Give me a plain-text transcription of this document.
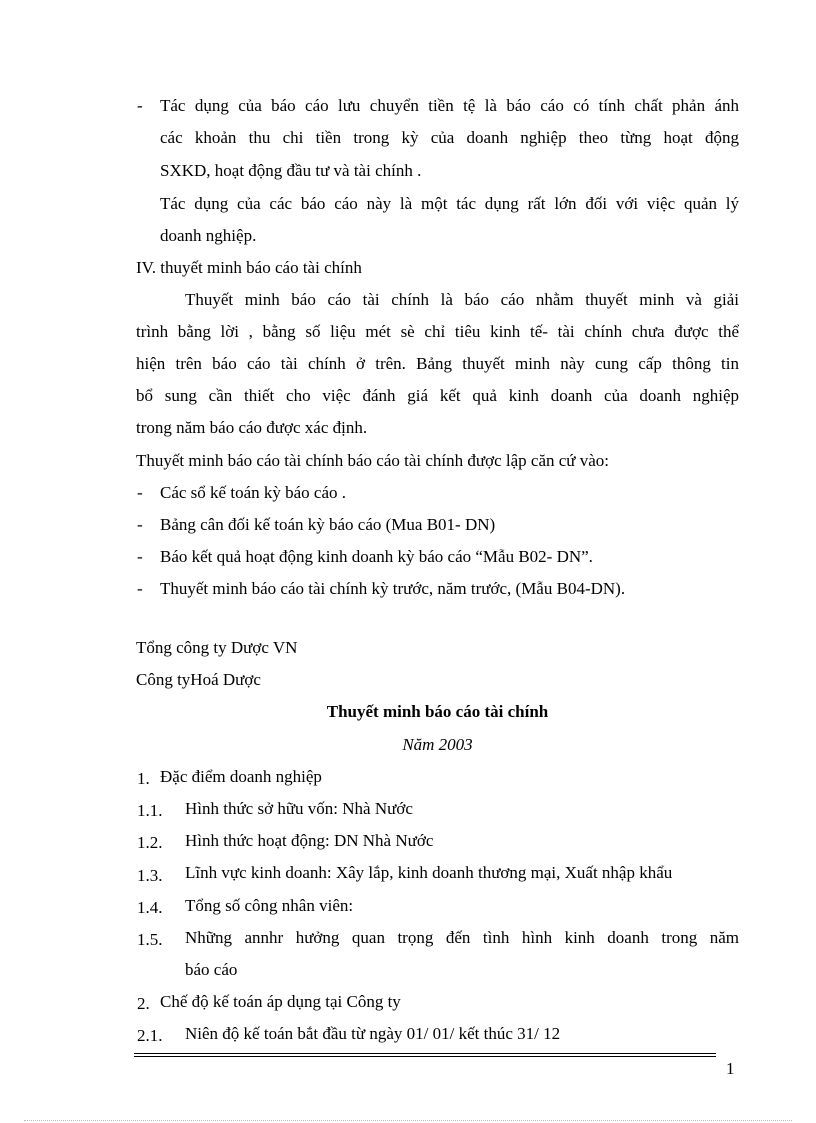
- Tác dụng của báo cáo lưu chuyển tiền tệ là báo cáo có tính chất phản ánh
các khoản thu chi tiền trong kỳ của doanh nghiệp theo từng hoạt động
SXKD, hoạt động đầu tư và tài chính .
Tác dụng của các báo cáo này là một tác dụng rất lớn đối với việc quản lý
doanh nghiệp.
IV. thuyết minh báo cáo tài chính
Thuyết minh báo cáo tài chính là báo cáo nhằm thuyết minh và giải
trình bằng lời , bằng số liệu mét sè chỉ tiêu kinh tế- tài chính chưa được thể
hiện trên báo cáo tài chính ở trên. Bảng thuyết minh này cung cấp thông tin
bổ sung cần thiết cho việc đánh giá kết quả kinh doanh của doanh nghiệp
trong năm báo cáo được xác định.
Thuyết minh báo cáo tài chính báo cáo tài chính được lập căn cứ vào:
- Các sổ kế toán kỳ báo cáo .
- Bảng cân đối kế toán kỳ báo cáo (Mua B01- DN)
- Báo kết quả hoạt động kinh doanh kỳ báo cáo “Mẫu B02- DN”.
- Thuyết minh báo cáo tài chính kỳ trước, năm trước, (Mẫu B04-DN).
Tổng công ty Dược VN
Công tyHoá Dược
Thuyết minh báo cáo tài chính
Năm 2003
1. Đặc điểm doanh nghiệp
1.1. Hình thức sở hữu vốn: Nhà Nước
1.2. Hình thức hoạt động: DN Nhà Nước
1.3. Lĩnh vực kinh doanh: Xây lắp, kinh doanh thương mại, Xuất nhập khẩu
1.4. Tổng số công nhân viên:
1.5. Những annhr hưởng quan trọng đến tình hình kinh doanh trong năm
báo cáo
2. Chế độ kế toán áp dụng tại Công ty
2.1. Niên độ kế toán bắt đầu từ ngày 01/ 01/ kết thúc 31/ 12
1
